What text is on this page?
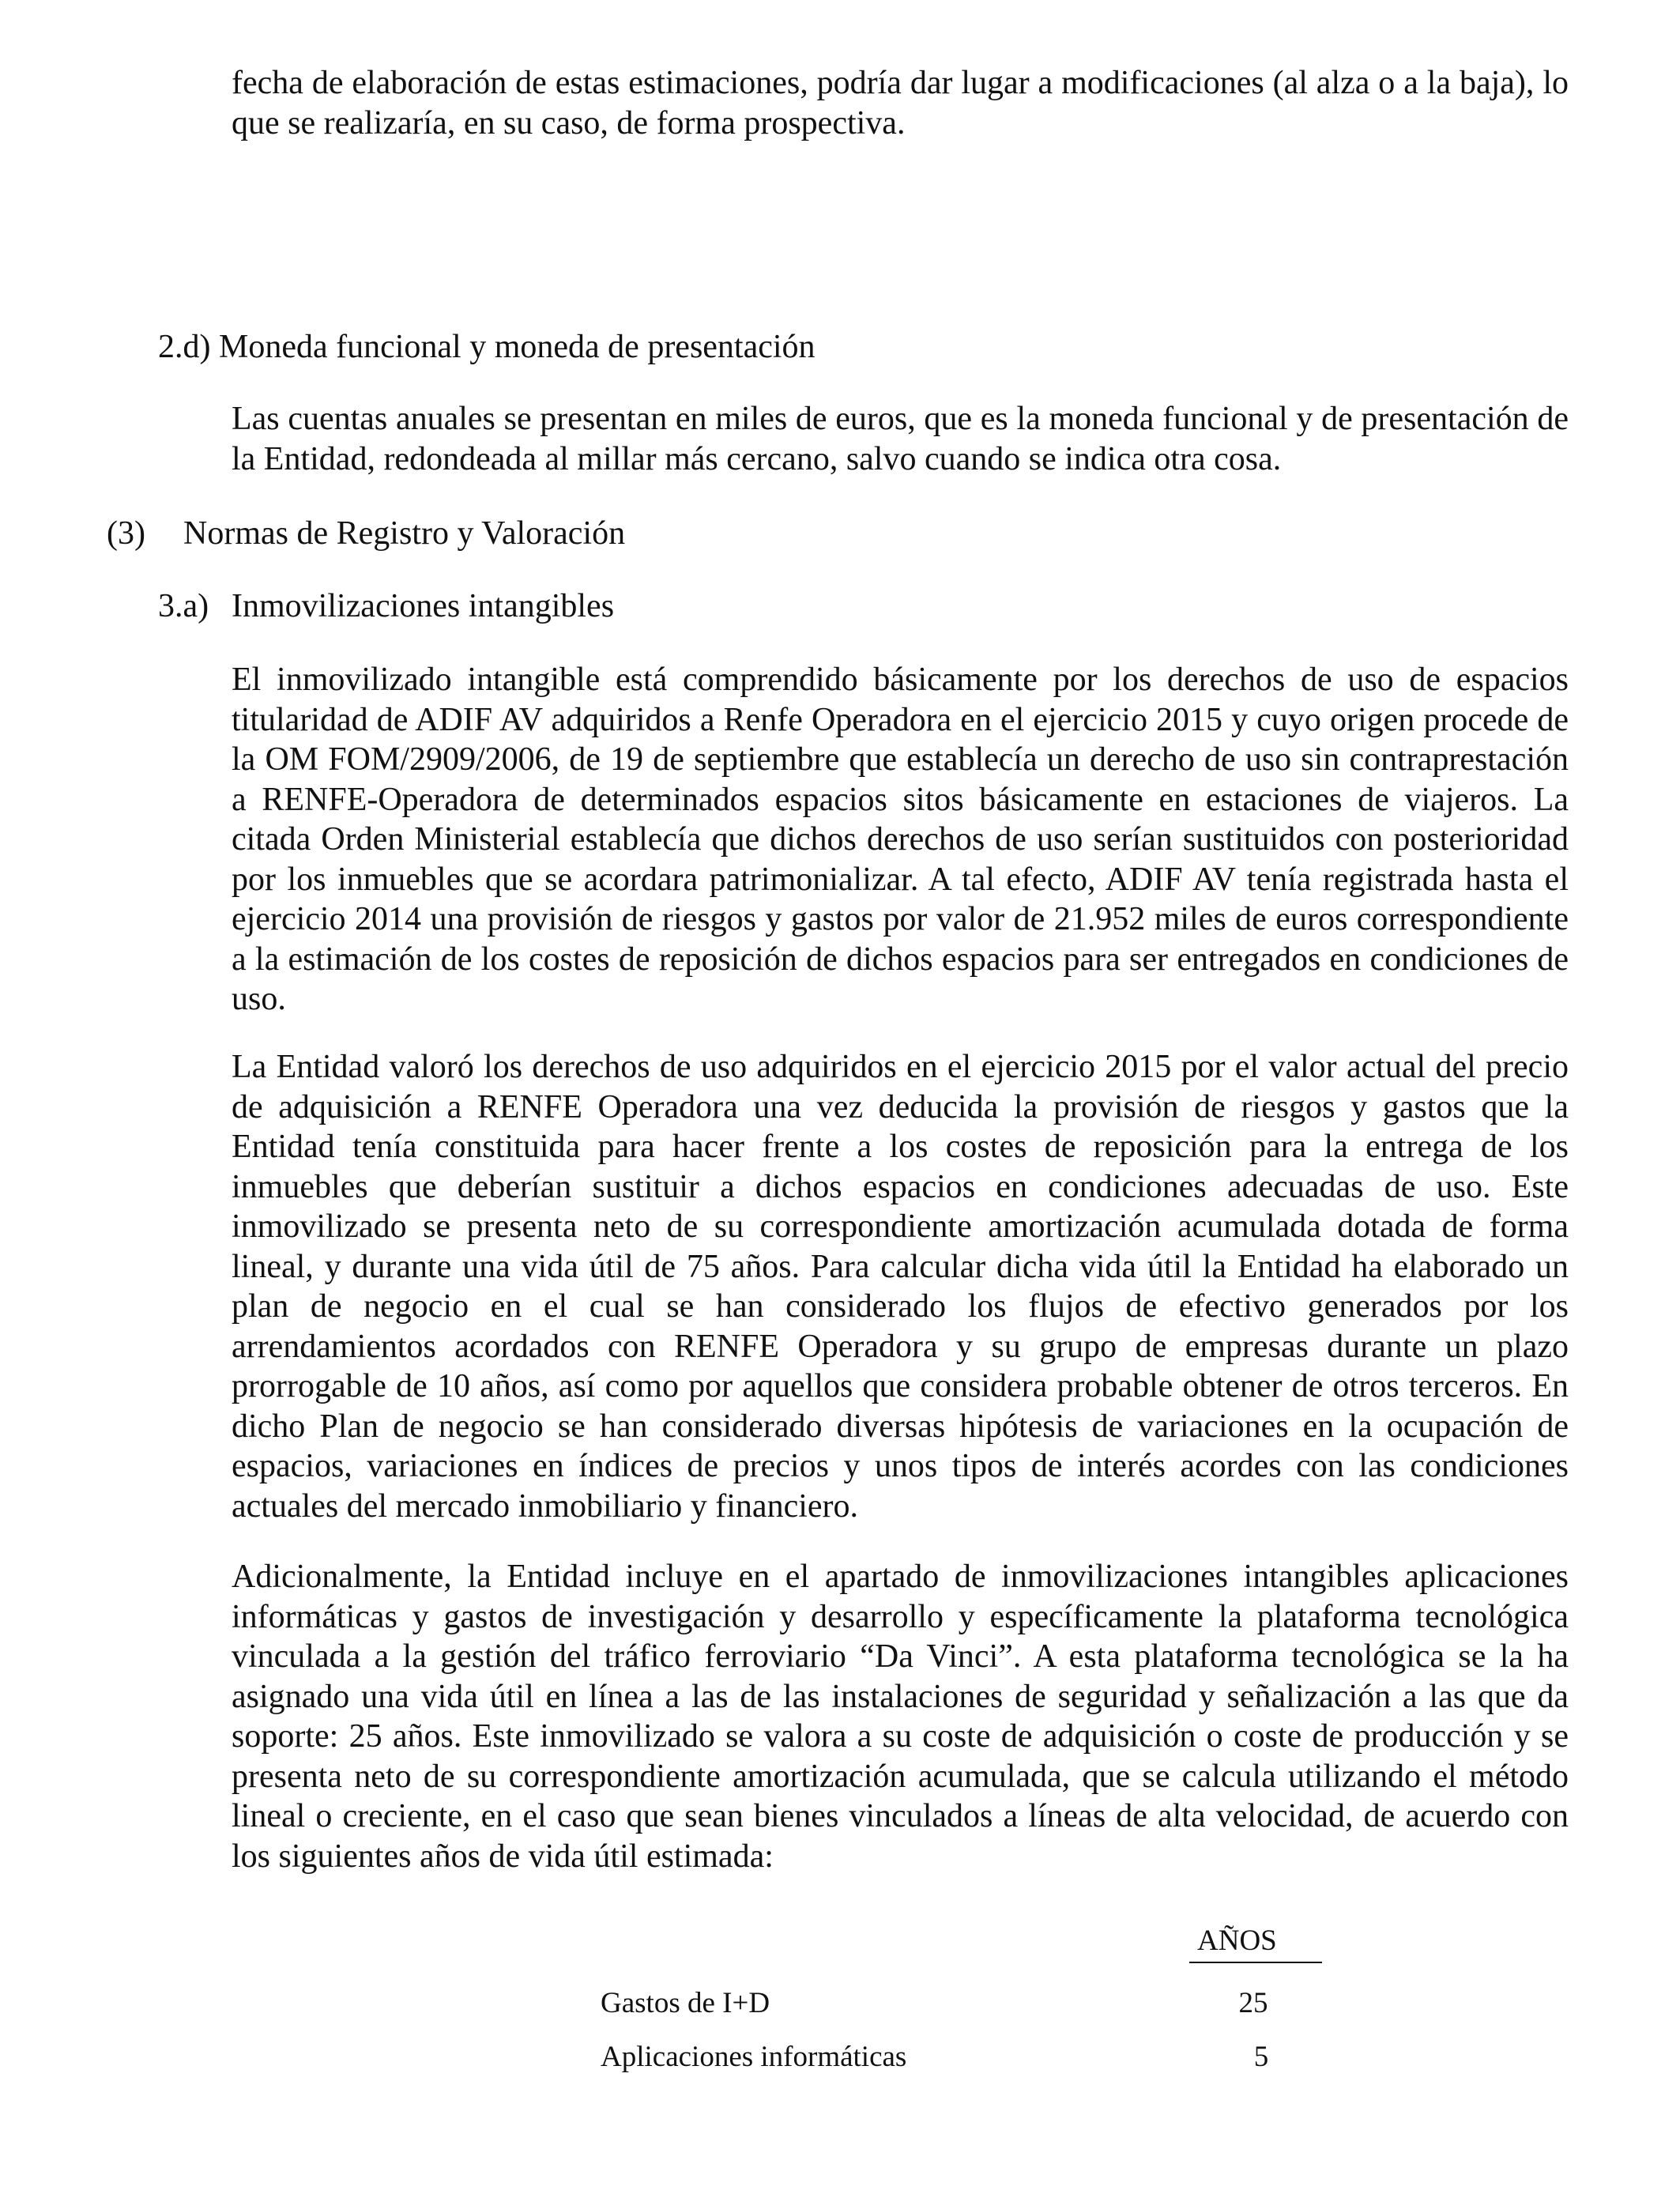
fecha de elaboración de estas estimaciones, podría dar lugar a modificaciones (al alza o a la baja), lo que se realizaría, en su caso, de forma prospectiva.

2.d) Moneda funcional y moneda de presentación

Las cuentas anuales se presentan en miles de euros, que es la moneda funcional y de presentación de la Entidad, redondeada al millar más cercano, salvo cuando se indica otra cosa.

(3) Normas de Registro y Valoración

3.a) Inmovilizaciones intangibles

El inmovilizado intangible está comprendido básicamente por los derechos de uso de espacios titularidad de ADIF AV adquiridos a Renfe Operadora en el ejercicio 2015 y cuyo origen procede de la OM FOM/2909/2006, de 19 de septiembre que establecía un derecho de uso sin contraprestación a RENFE-Operadora de determinados espacios sitos básicamente en estaciones de viajeros. La citada Orden Ministerial establecía que dichos derechos de uso serían sustituidos con posterioridad por los inmuebles que se acordara patrimonializar. A tal efecto, ADIF AV tenía registrada hasta el ejercicio 2014 una provisión de riesgos y gastos por valor de 21.952 miles de euros correspondiente a la estimación de los costes de reposición de dichos espacios para ser entregados en condiciones de uso.

La Entidad valoró los derechos de uso adquiridos en el ejercicio 2015 por el valor actual del precio de adquisición a RENFE Operadora una vez deducida la provisión de riesgos y gastos que la Entidad tenía constituida para hacer frente a los costes de reposición para la entrega de los inmuebles que deberían sustituir a dichos espacios en condiciones adecuadas de uso. Este inmovilizado se presenta neto de su correspondiente amortización acumulada dotada de forma lineal, y durante una vida útil de 75 años. Para calcular dicha vida útil la Entidad ha elaborado un plan de negocio en el cual se han considerado los flujos de efectivo generados por los arrendamientos acordados con RENFE Operadora y su grupo de empresas durante un plazo prorrogable de 10 años, así como por aquellos que considera probable obtener de otros terceros. En dicho Plan de negocio se han considerado diversas hipótesis de variaciones en la ocupación de espacios, variaciones en índices de precios y unos tipos de interés acordes con las condiciones actuales del mercado inmobiliario y financiero.

Adicionalmente, la Entidad incluye en el apartado de inmovilizaciones intangibles aplicaciones informáticas y gastos de investigación y desarrollo y específicamente la plataforma tecnológica vinculada a la gestión del tráfico ferroviario “Da Vinci”. A esta plataforma tecnológica se la ha asignado una vida útil en línea a las de las instalaciones de seguridad y señalización a las que da soporte: 25 años. Este inmovilizado se valora a su coste de adquisición o coste de producción y se presenta neto de su correspondiente amortización acumulada, que se calcula utilizando el método lineal o creciente, en el caso que sean bienes vinculados a líneas de alta velocidad, de acuerdo con los siguientes años de vida útil estimada:

AÑOS
Gastos de I+D	25
Aplicaciones informáticas	5
